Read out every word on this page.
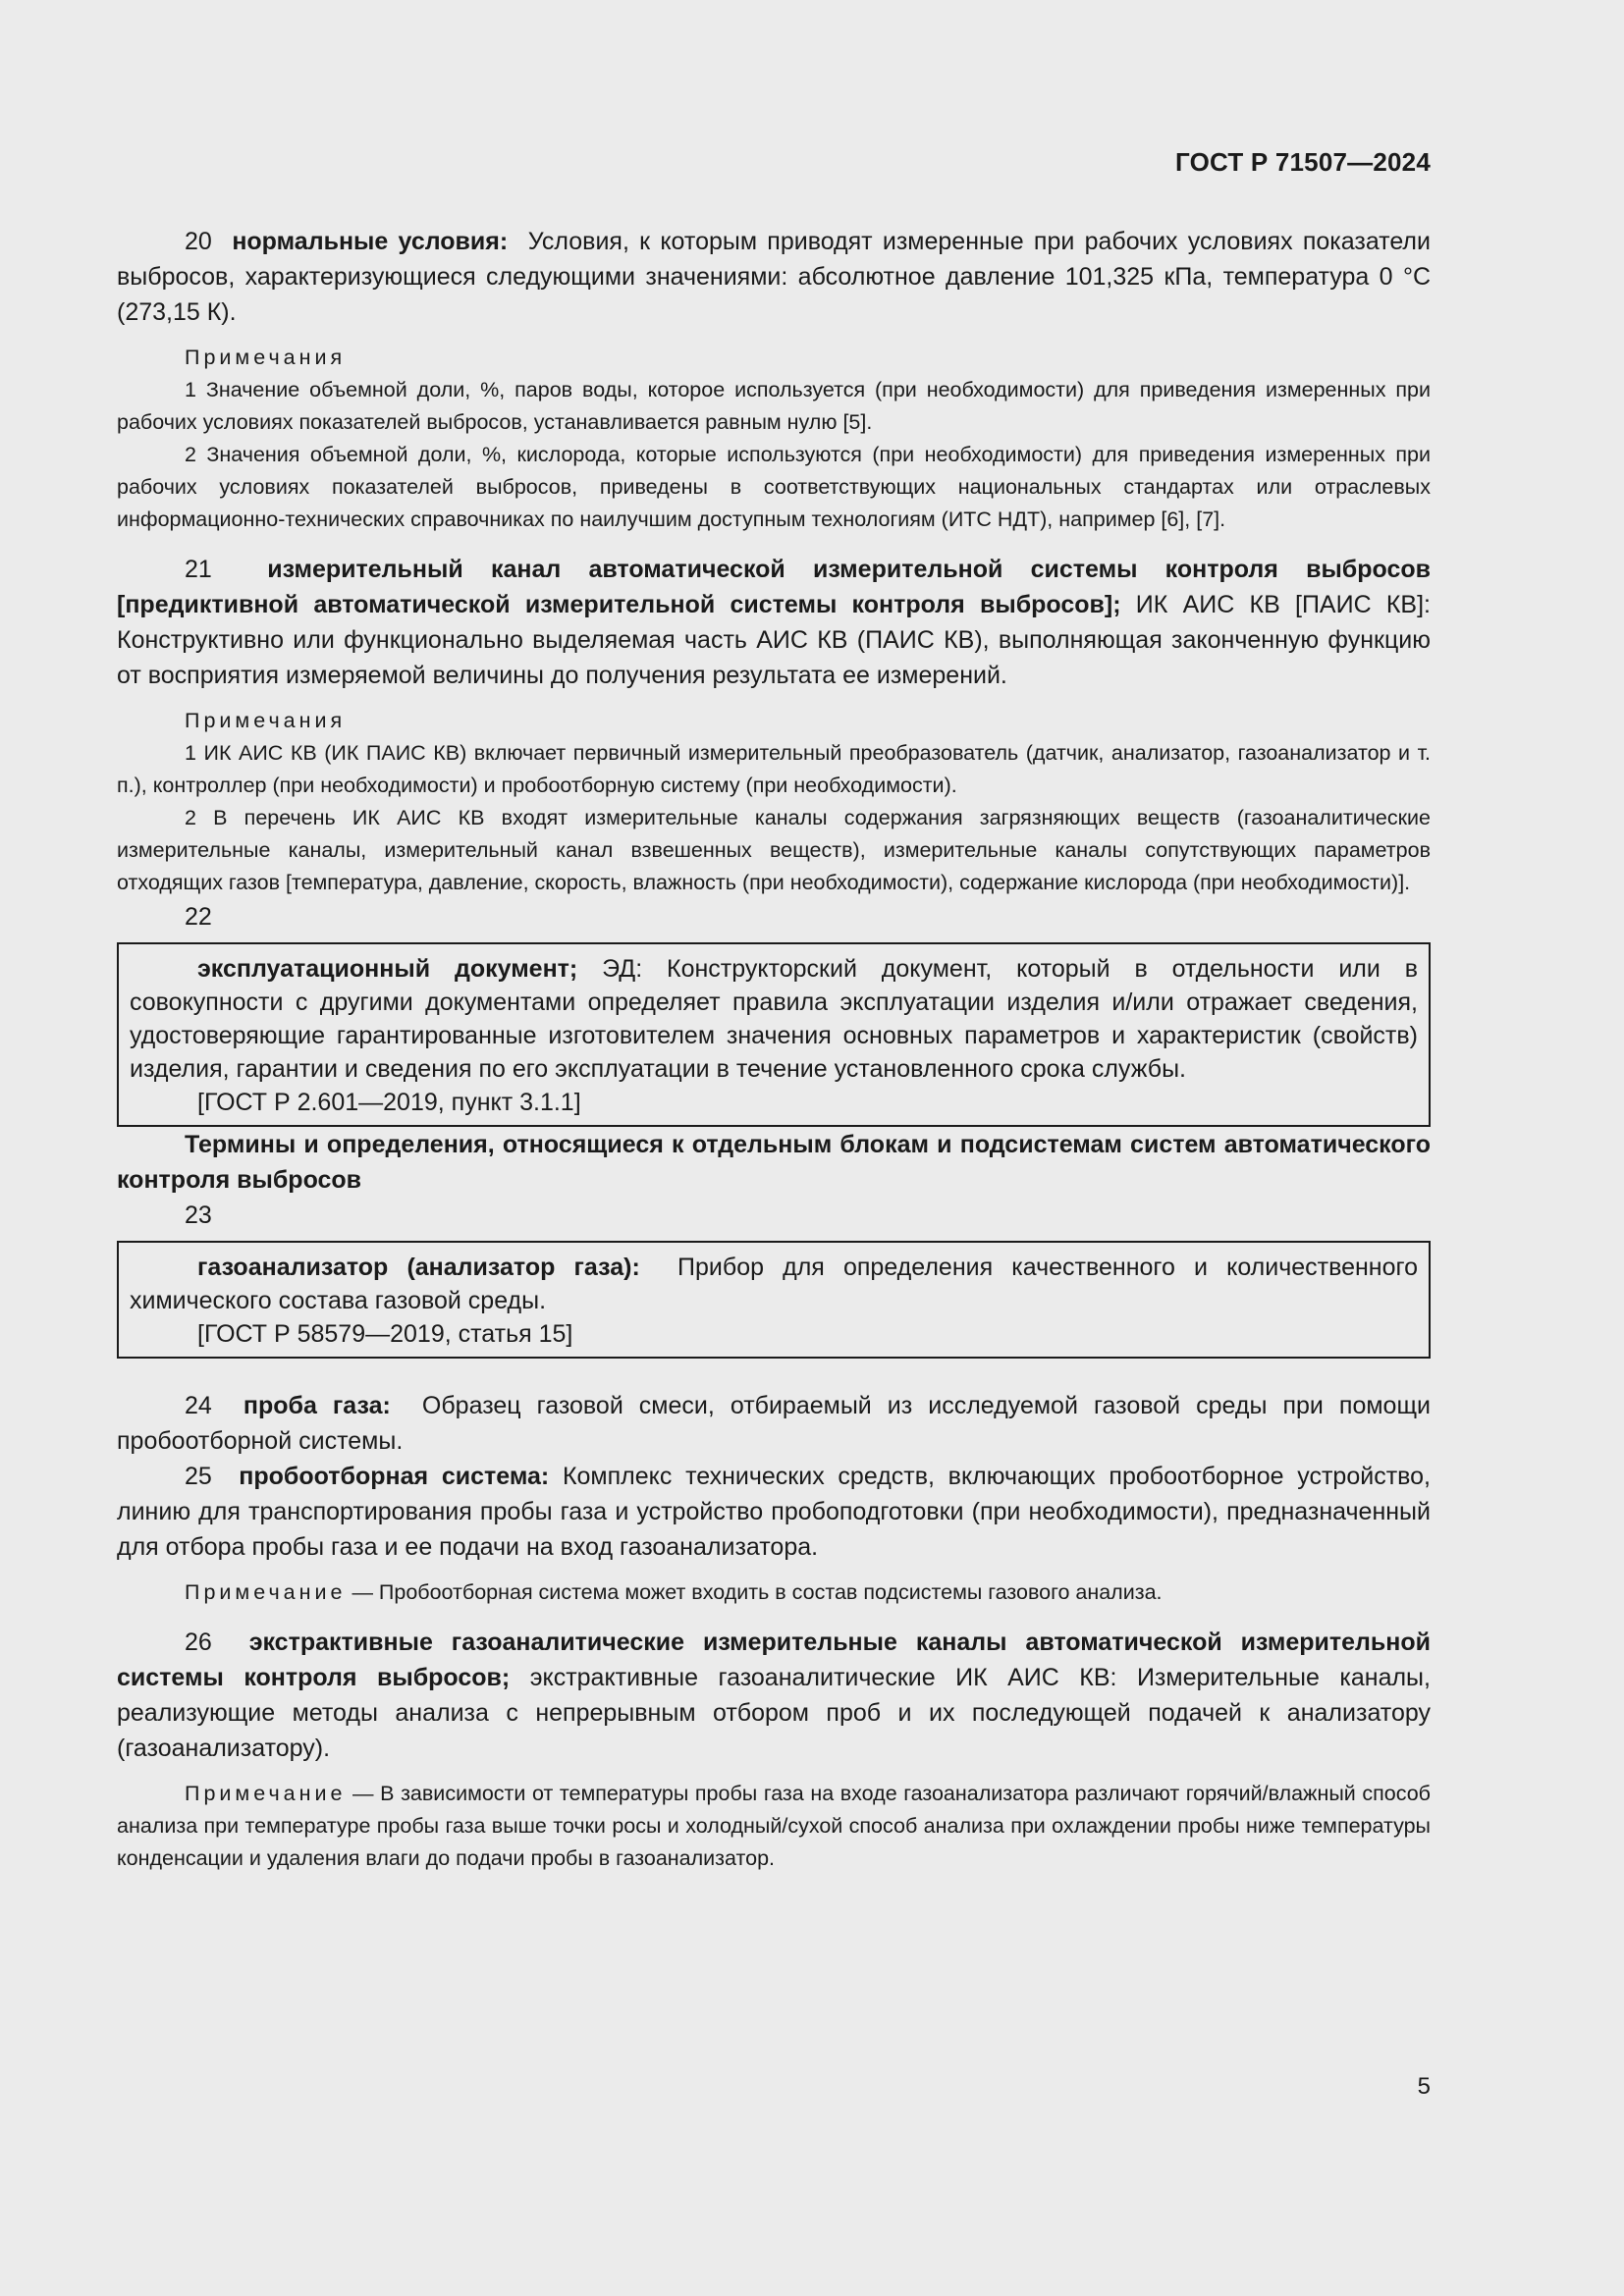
ГОСТ Р 71507—2024

20 нормальные условия: Условия, к которым приводят измеренные при рабочих условиях показатели выбросов, характеризующиеся следующими значениями: абсолютное давление 101,325 кПа, температура 0 °C (273,15 К).

Примечания

1 Значение объемной доли, %, паров воды, которое используется (при необходимости) для приведения измеренных при рабочих условиях показателей выбросов, устанавливается равным нулю [5].

2 Значения объемной доли, %, кислорода, которые используются (при необходимости) для приведения измеренных при рабочих условиях показателей выбросов, приведены в соответствующих национальных стандартах или отраслевых информационно-технических справочниках по наилучшим доступным технологиям (ИТС НДТ), например [6], [7].

21 измерительный канал автоматической измерительной системы контроля выбросов [предиктивной автоматической измерительной системы контроля выбросов]; ИК АИС КВ [ПАИС КВ]: Конструктивно или функционально выделяемая часть АИС КВ (ПАИС КВ), выполняющая законченную функцию от восприятия измеряемой величины до получения результата ее измерений.

Примечания

1 ИК АИС КВ (ИК ПАИС КВ) включает первичный измерительный преобразователь (датчик, анализатор, газоанализатор и т. п.), контроллер (при необходимости) и пробоотборную систему (при необходимости).

2 В перечень ИК АИС КВ входят измерительные каналы содержания загрязняющих веществ (газоаналитические измерительные каналы, измерительный канал взвешенных веществ), измерительные каналы сопутствующих параметров отходящих газов [температура, давление, скорость, влажность (при необходимости), содержание кислорода (при необходимости)].

22

эксплуатационный документ; ЭД: Конструкторский документ, который в отдельности или в совокупности с другими документами определяет правила эксплуатации изделия и/или отражает сведения, удостоверяющие гарантированные изготовителем значения основных параметров и характеристик (свойств) изделия, гарантии и сведения по его эксплуатации в течение установленного срока службы.

[ГОСТ Р 2.601—2019, пункт 3.1.1]

Термины и определения, относящиеся к отдельным блокам и подсистемам систем автоматического контроля выбросов

23

газоанализатор (анализатор газа): Прибор для определения качественного и количественного химического состава газовой среды.

[ГОСТ Р 58579—2019, статья 15]

24 проба газа: Образец газовой смеси, отбираемый из исследуемой газовой среды при помощи пробоотборной системы.

25 пробоотборная система: Комплекс технических средств, включающих пробоотборное устройство, линию для транспортирования пробы газа и устройство пробоподготовки (при необходимости), предназначенный для отбора пробы газа и ее подачи на вход газоанализатора.

Примечание — Пробоотборная система может входить в состав подсистемы газового анализа.

26 экстрактивные газоаналитические измерительные каналы автоматической измерительной системы контроля выбросов; экстрактивные газоаналитические ИК АИС КВ: Измерительные каналы, реализующие методы анализа с непрерывным отбором проб и их последующей подачей к анализатору (газоанализатору).

Примечание — В зависимости от температуры пробы газа на входе газоанализатора различают горячий/влажный способ анализа при температуре пробы газа выше точки росы и холодный/сухой способ анализа при охлаждении пробы ниже температуры конденсации и удаления влаги до подачи пробы в газоанализатор.

5
